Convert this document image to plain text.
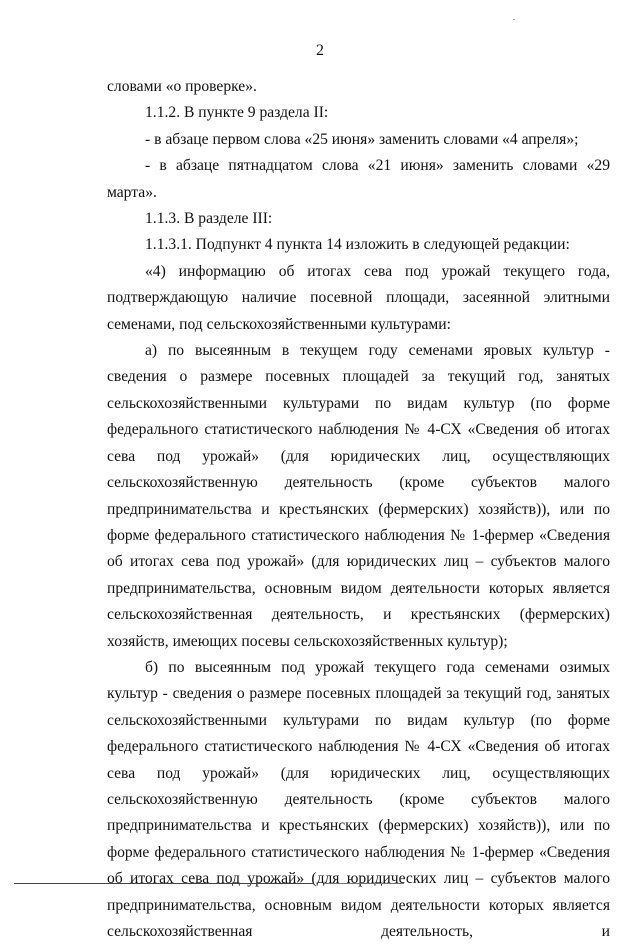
2

словами «о проверке».

1.1.2. В пункте 9 раздела II:

- в абзаце первом слова «25 июня» заменить словами «4 апреля»;

- в абзаце пятнадцатом слова «21 июня» заменить словами «29 марта».

1.1.3. В разделе III:

1.1.3.1. Подпункт 4 пункта 14 изложить в следующей редакции:

«4) информацию об итогах сева под урожай текущего года, подтверждающую наличие посевной площади, засеянной элитными семенами, под сельскохозяйственными культурами:

а) по высеянным в текущем году семенами яровых культур - сведения о размере посевных площадей за текущий год, занятых сельскохозяйственными культурами по видам культур (по форме федерального статистического наблюдения № 4-СХ «Сведения об итогах сева под урожай» (для юридических лиц, осуществляющих сельскохозяйственную деятельность (кроме субъектов малого предпринимательства и крестьянских (фермерских) хозяйств)), или по форме федерального статистического наблюдения № 1-фермер «Сведения об итогах сева под урожай» (для юридических лиц – субъектов малого предпринимательства, основным видом деятельности которых является сельскохозяйственная деятельность, и крестьянских (фермерских) хозяйств, имеющих посевы сельскохозяйственных культур);

б) по высеянным под урожай текущего года семенами озимых культур - сведения о размере посевных площадей за текущий год, занятых сельскохозяйственными культурами по видам культур (по форме федерального статистического наблюдения № 4-СХ «Сведения об итогах сева под урожай» (для юридических лиц, осуществляющих сельскохозяйственную деятельность (кроме субъектов малого предпринимательства и крестьянских (фермерских) хозяйств)), или по форме федерального статистического наблюдения № 1-фермер «Сведения об итогах сева под урожай» (для юридических лиц – субъектов малого предпринимательства, основным видом деятельности которых является сельскохозяйственная деятельность, и
